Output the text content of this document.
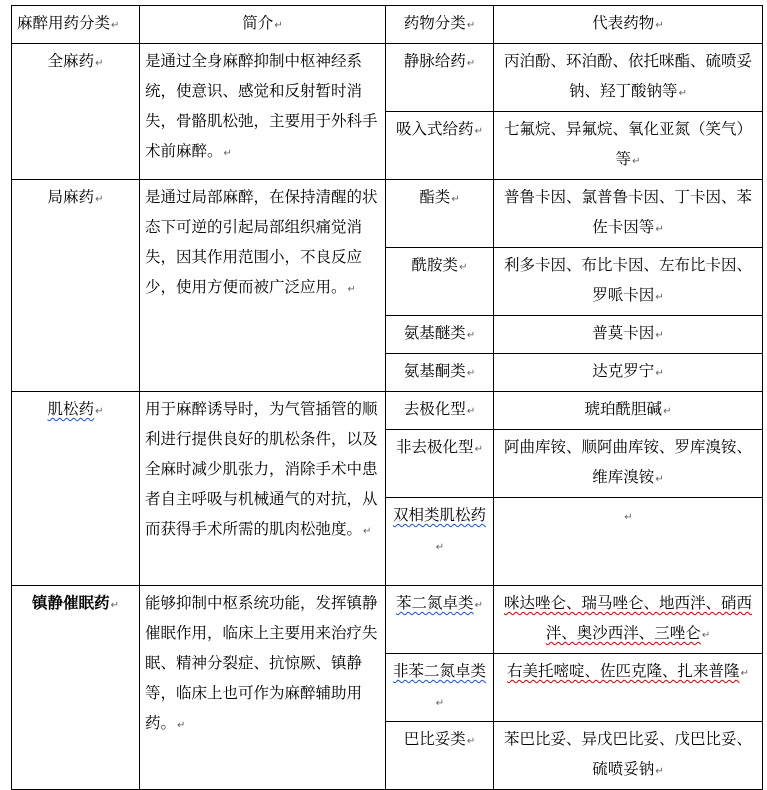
麻醉用药分类↵	简介↵	药物分类↵	代表药物↵
全麻药↵	是通过全身麻醉抑制中枢神经系统，使意识、感觉和反射暂时消失，骨骼肌松弛，主要用于外科手术前麻醉。↵	静脉给药↵	丙泊酚、环泊酚、依托咪酯、硫喷妥钠、羟丁酸钠等↵
		吸入式给药↵	七氟烷、异氟烷、氧化亚氮（笑气）等↵
局麻药↵	是通过局部麻醉，在保持清醒的状态下可逆的引起局部组织痛觉消失，因其作用范围小，不良反应少，使用方便而被广泛应用。↵	酯类↵	普鲁卡因、氯普鲁卡因、丁卡因、苯佐卡因等↵
		酰胺类↵	利多卡因、布比卡因、左布比卡因、罗哌卡因↵
		氨基醚类↵	普莫卡因↵
		氨基酮类↵	达克罗宁↵
肌松药↵	用于麻醉诱导时，为气管插管的顺利进行提供良好的肌松条件，以及全麻时减少肌张力，消除手术中患者自主呼吸与机械通气的对抗，从而获得手术所需的肌肉松弛度。↵	去极化型↵	琥珀酰胆碱↵
		非去极化型↵	阿曲库铵、顺阿曲库铵、罗库溴铵、维库溴铵↵
		双相类肌松药↵	↵
镇静催眠药↵	能够抑制中枢系统功能，发挥镇静催眠作用，临床上主要用来治疗失眠、精神分裂症、抗惊厥、镇静等，临床上也可作为麻醉辅助用药。↵	苯二氮卓类↵	咪达唑仑、瑞马唑仑、地西泮、硝西泮、奥沙西泮、三唑仑↵
		非苯二氮卓类↵	右美托嘧啶、佐匹克隆、扎来普隆↵
		巴比妥类↵	苯巴比妥、异戊巴比妥、戊巴比妥、硫喷妥钠↵
